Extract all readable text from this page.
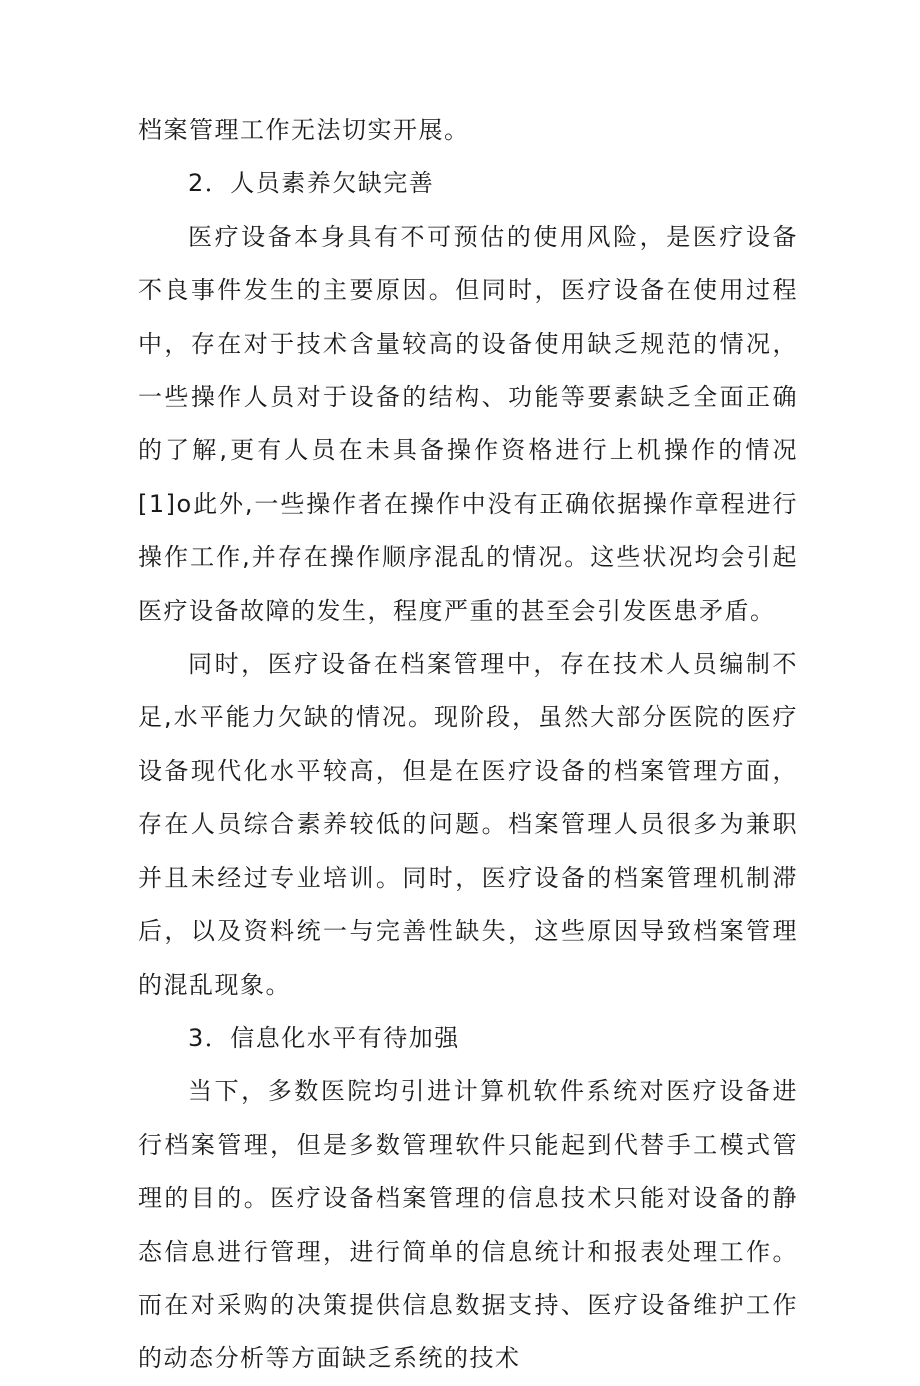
档案管理工作无法切实开展。

2．人员素养欠缺完善

医疗设备本身具有不可预估的使用风险，是医疗设备不良事件发生的主要原因。但同时，医疗设备在使用过程中，存在对于技术含量较高的设备使用缺乏规范的情况，一些操作人员对于设备的结构、功能等要素缺乏全面正确的了解,更有人员在未具备操作资格进行上机操作的情况[1]o此外,一些操作者在操作中没有正确依据操作章程进行操作工作,并存在操作顺序混乱的情况。这些状况均会引起医疗设备故障的发生，程度严重的甚至会引发医患矛盾。

同时，医疗设备在档案管理中，存在技术人员编制不足,水平能力欠缺的情况。现阶段，虽然大部分医院的医疗设备现代化水平较高，但是在医疗设备的档案管理方面，存在人员综合素养较低的问题。档案管理人员很多为兼职并且未经过专业培训。同时，医疗设备的档案管理机制滞后，以及资料统一与完善性缺失，这些原因导致档案管理的混乱现象。

3．信息化水平有待加强

当下，多数医院均引进计算机软件系统对医疗设备进行档案管理，但是多数管理软件只能起到代替手工模式管理的目的。医疗设备档案管理的信息技术只能对设备的静态信息进行管理，进行简单的信息统计和报表处理工作。而在对采购的决策提供信息数据支持、医疗设备维护工作的动态分析等方面缺乏系统的技术
